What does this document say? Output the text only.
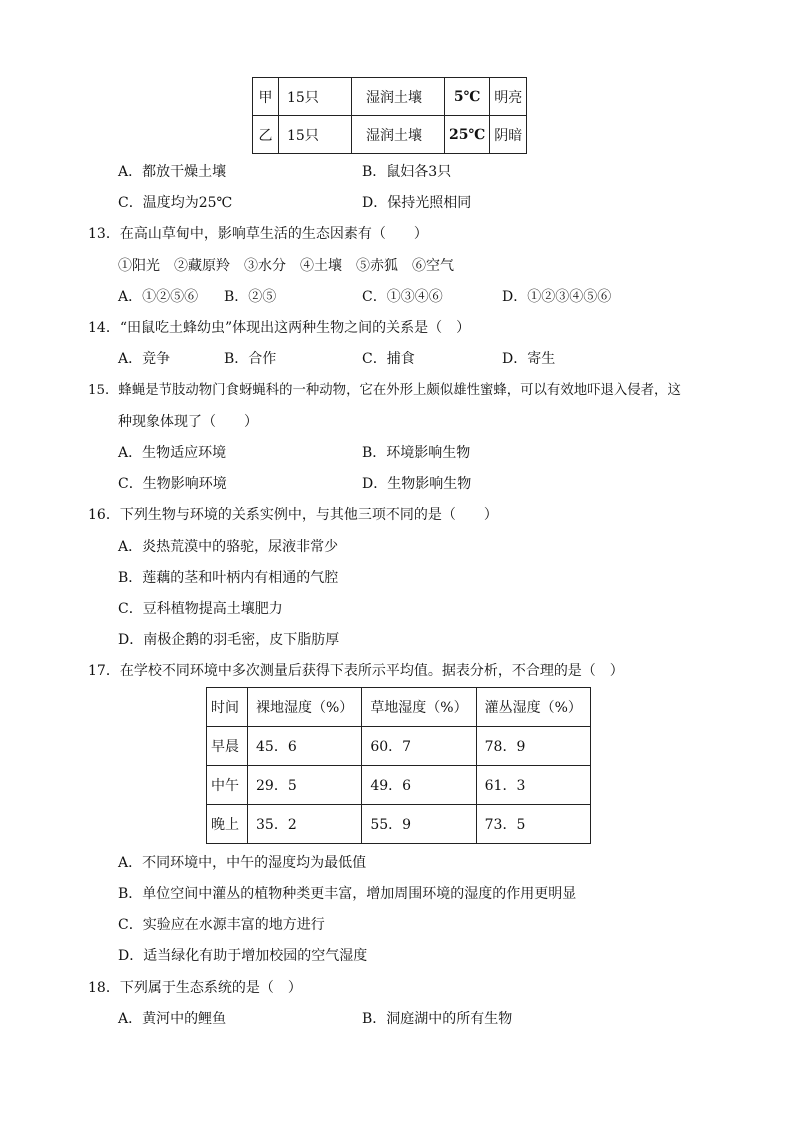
甲	15只	湿润土壤	5℃	明亮
乙	15只	湿润土壤	25℃	阴暗
A．都放干燥土壤	B．鼠妇各3只
C．温度均为25℃	D．保持光照相同
13．在高山草甸中，影响草生活的生态因素有（　　）
①阳光　②藏原羚　③水分　④土壤　⑤赤狐　⑥空气
A．①②⑤⑥ B．②⑤	C．①③④⑥	D．①②③④⑤⑥
14．“田鼠吃土蜂幼虫”体现出这两种生物之间的关系是（　）
A．竞争	B．合作	C．捕食	D．寄生
15．蜂蝇是节肢动物门食蚜蝇科的一种动物，它在外形上颇似雄性蜜蜂，可以有效地吓退入侵者，这
种现象体现了（　　）
A．生物适应环境	B．环境影响生物
C．生物影响环境	D．生物影响生物
16．下列生物与环境的关系实例中，与其他三项不同的是（　　）
A．炎热荒漠中的骆驼，尿液非常少
B．莲藕的茎和叶柄内有相通的气腔
C．豆科植物提高土壤肥力
D．南极企鹅的羽毛密，皮下脂肪厚
17．在学校不同环境中多次测量后获得下表所示平均值。据表分析，不合理的是（　）
时间	裸地湿度（%）	草地湿度（%）	灌丛湿度（%）
早晨	45．6	60．7	78．9
中午	29．5	49．6	61．3
晚上	35．2	55．9	73．5
A．不同环境中，中午的湿度均为最低值
B．单位空间中灌丛的植物种类更丰富，增加周围环境的湿度的作用更明显
C．实验应在水源丰富的地方进行
D．适当绿化有助于增加校园的空气湿度
18．下列属于生态系统的是（　）
A．黄河中的鲤鱼	B．洞庭湖中的所有生物
